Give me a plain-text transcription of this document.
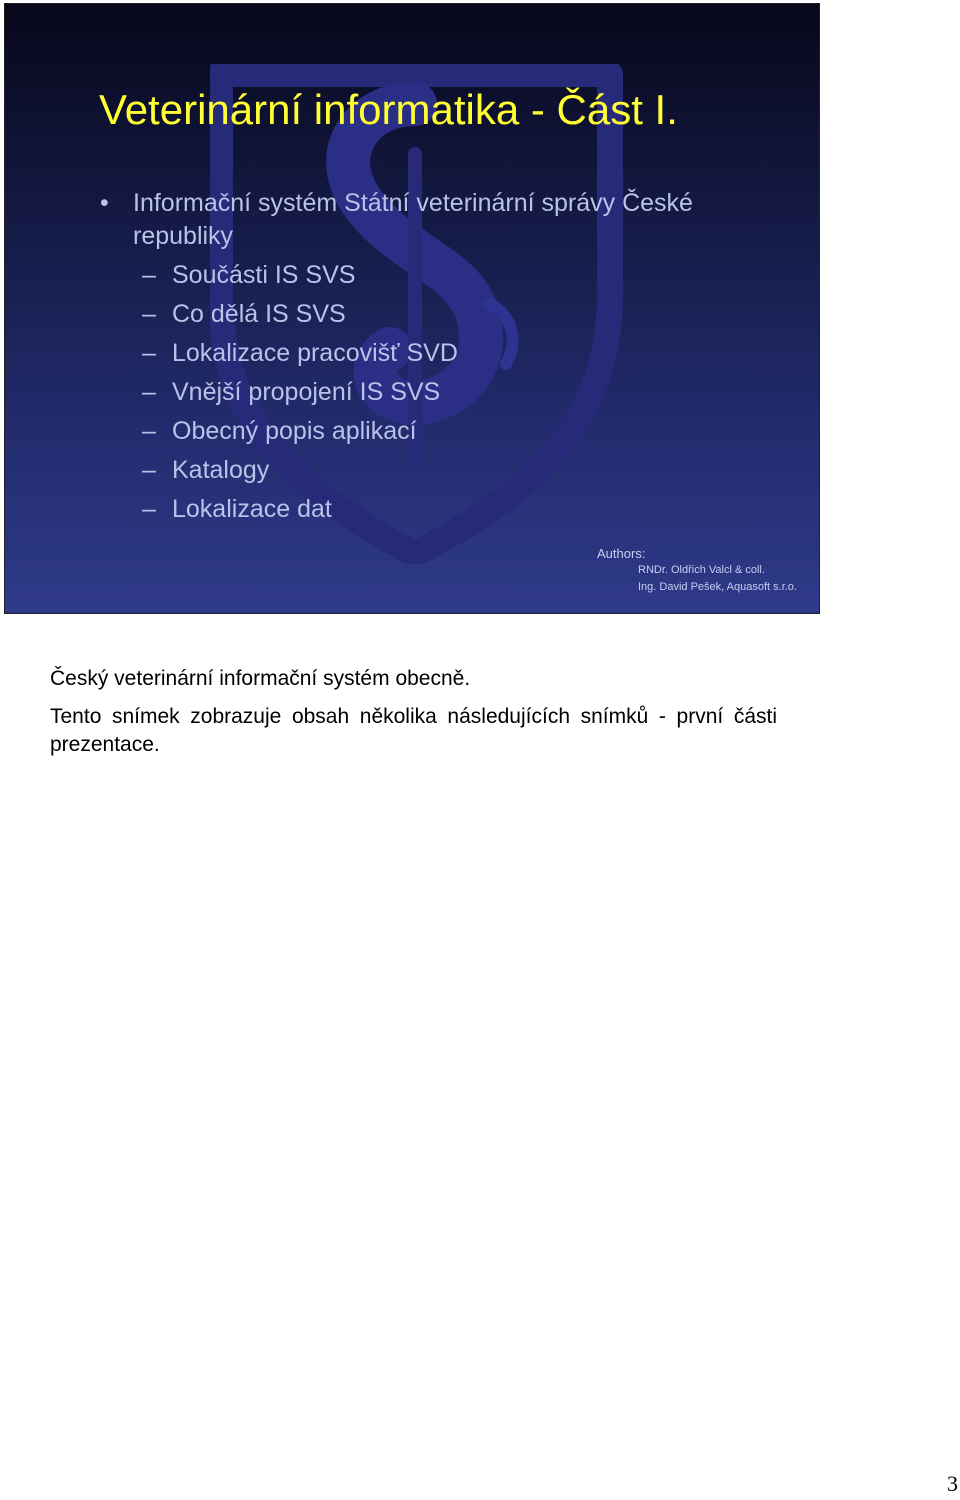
Veterinární informatika - Část I.
• Informační systém Státní veterinární správy České republiky
– Součásti IS SVS
– Co dělá IS SVS
– Lokalizace pracovišť SVD
– Vnější propojení IS SVS
– Obecný popis aplikací
– Katalogy
– Lokalizace dat
Authors:
RNDr. Oldřich Valcl & coll.
Ing. David Pešek, Aquasoft s.r.o.

Český veterinární informační systém obecně.

Tento snímek zobrazuje obsah několika následujících snímků - první části prezentace.

3
